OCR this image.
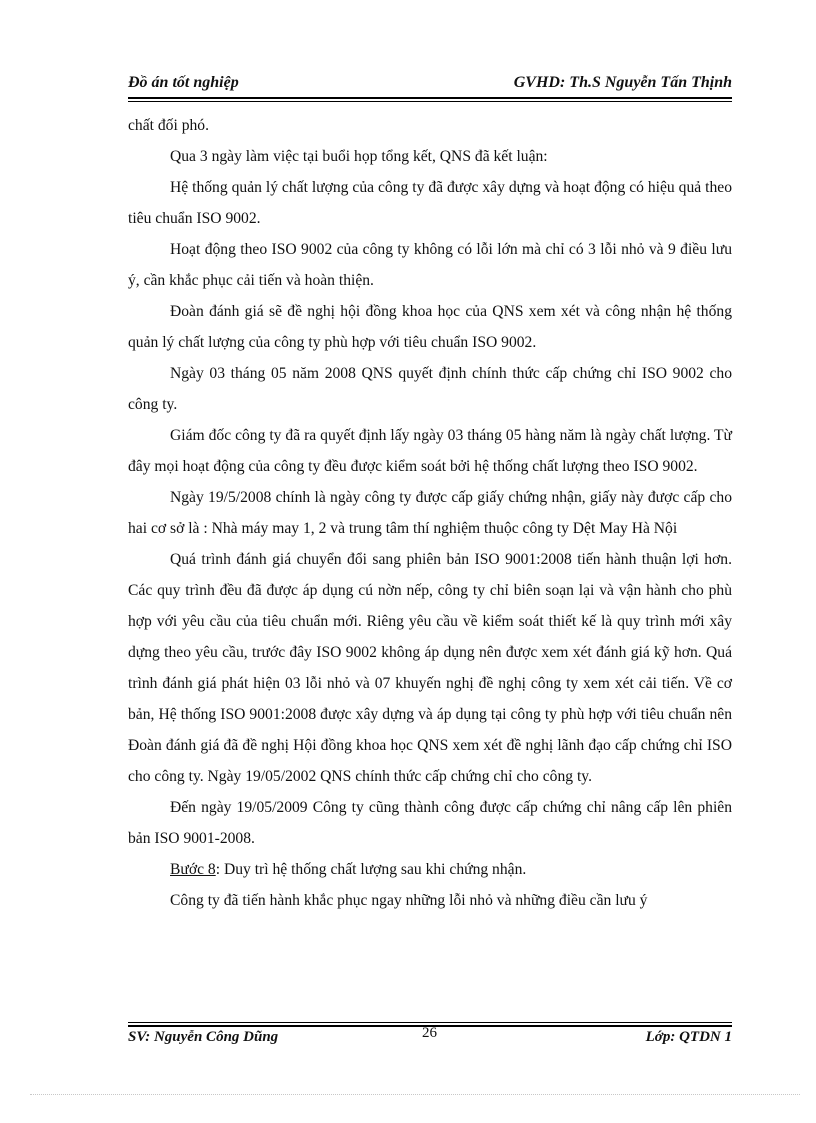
Đồ án tốt nghiệp	GVHD: Th.S Nguyễn Tấn Thịnh

chất đối phó.

Qua 3 ngày làm việc tại buổi họp tổng kết, QNS đã kết luận:

Hệ thống quản lý chất lượng của công ty đã được xây dựng và hoạt động có hiệu quả theo tiêu chuẩn ISO 9002.

Hoạt động theo ISO 9002 của công ty không có lỗi lớn mà chỉ có 3 lỗi nhỏ và 9 điều lưu ý, cần khắc phục cải tiến và hoàn thiện.

Đoàn đánh giá sẽ đề nghị hội đồng khoa học của QNS xem xét và công nhận hệ thống quản lý chất lượng của công ty phù hợp với tiêu chuẩn ISO 9002.

Ngày 03 tháng 05 năm 2008 QNS quyết định chính thức cấp chứng chỉ ISO 9002 cho công ty.

Giám đốc công ty đã ra quyết định lấy ngày 03 tháng 05 hàng năm là ngày chất lượng. Từ đây mọi hoạt động của công ty đều được kiểm soát bởi hệ thống chất lượng theo ISO 9002.

Ngày 19/5/2008 chính là ngày công ty được cấp giấy chứng nhận, giấy này được cấp cho hai cơ sở là : Nhà máy may 1, 2 và trung tâm thí nghiệm thuộc công ty Dệt May Hà Nội

Quá trình đánh giá chuyển đổi sang phiên bản ISO 9001:2008 tiến hành thuận lợi hơn. Các quy trình đều đã được áp dụng cú nờn nếp, công ty chỉ biên soạn lại và vận hành cho phù hợp với yêu cầu của tiêu chuẩn mới. Riêng yêu cầu về kiểm soát thiết kế là quy trình mới xây dựng theo yêu cầu, trước đây ISO 9002 không áp dụng nên được xem xét đánh giá kỹ hơn. Quá trình đánh giá phát hiện 03 lỗi nhỏ và 07 khuyến nghị đề nghị công ty xem xét cải tiến. Về cơ bản, Hệ thống ISO 9001:2008 được xây dựng và áp dụng tại công ty phù hợp với tiêu chuẩn nên Đoàn đánh giá đã đề nghị Hội đồng khoa học QNS xem xét đề nghị lãnh đạo cấp chứng chỉ ISO cho công ty. Ngày 19/05/2002 QNS chính thức cấp chứng chỉ cho công ty.

Đến ngày 19/05/2009 Công ty cũng thành công được cấp chứng chỉ nâng cấp lên phiên bản ISO 9001-2008.

Bước 8: Duy trì hệ thống chất lượng sau khi chứng nhận.

Công ty đã tiến hành khắc phục ngay những lỗi nhỏ và những điều cần lưu ý

SV: Nguyễn Công Dũng	26	Lớp: QTDN 1
